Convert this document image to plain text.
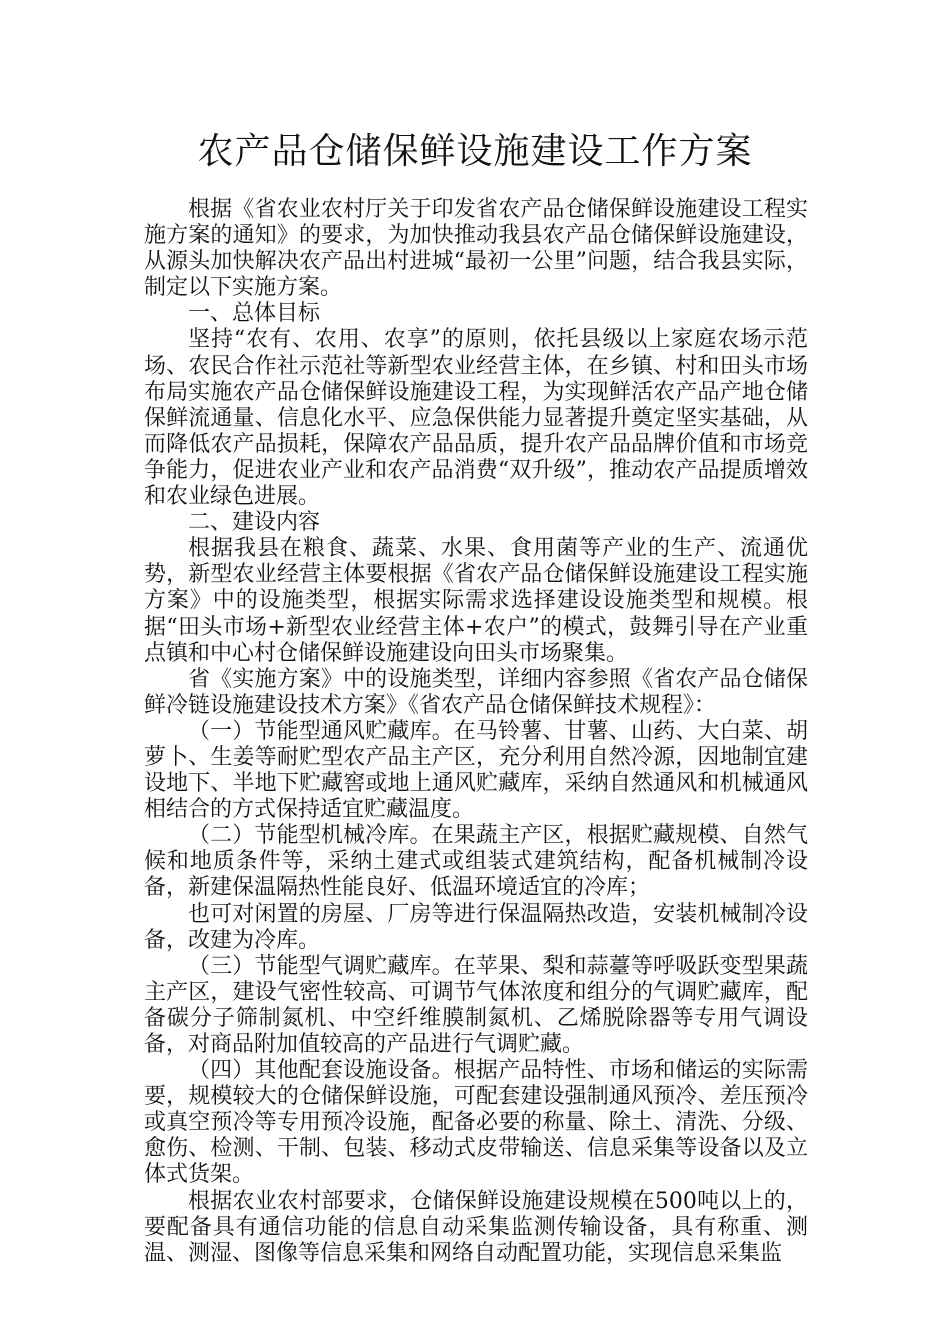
农产品仓储保鲜设施建设工作方案

根据《省农业农村厅关于印发省农产品仓储保鲜设施建设工程实施方案的通知》的要求，为加快推动我县农产品仓储保鲜设施建设，从源头加快解决农产品出村进城“最初一公里”问题，结合我县实际，制定以下实施方案。

一、总体目标

坚持“农有、农用、农享”的原则，依托县级以上家庭农场示范场、农民合作社示范社等新型农业经营主体，在乡镇、村和田头市场布局实施农产品仓储保鲜设施建设工程，为实现鲜活农产品产地仓储保鲜流通量、信息化水平、应急保供能力显著提升奠定坚实基础，从而降低农产品损耗，保障农产品品质，提升农产品品牌价值和市场竞争能力，促进农业产业和农产品消费“双升级”，推动农产品提质增效和农业绿色进展。

二、建设内容

根据我县在粮食、蔬菜、水果、食用菌等产业的生产、流通优势，新型农业经营主体要根据《省农产品仓储保鲜设施建设工程实施方案》中的设施类型，根据实际需求选择建设设施类型和规模。根据“田头市场+新型农业经营主体+农户”的模式，鼓舞引导在产业重点镇和中心村仓储保鲜设施建设向田头市场聚集。

省《实施方案》中的设施类型，详细内容参照《省农产品仓储保鲜冷链设施建设技术方案》《省农产品仓储保鲜技术规程》：

（一）节能型通风贮藏库。在马铃薯、甘薯、山药、大白菜、胡萝卜、生姜等耐贮型农产品主产区，充分利用自然冷源，因地制宜建设地下、半地下贮藏窖或地上通风贮藏库，采纳自然通风和机械通风相结合的方式保持适宜贮藏温度。

（二）节能型机械冷库。在果蔬主产区，根据贮藏规模、自然气候和地质条件等，采纳土建式或组装式建筑结构，配备机械制冷设备，新建保温隔热性能良好、低温环境适宜的冷库；

也可对闲置的房屋、厂房等进行保温隔热改造，安装机械制冷设备，改建为冷库。

（三）节能型气调贮藏库。在苹果、梨和蒜薹等呼吸跃变型果蔬主产区，建设气密性较高、可调节气体浓度和组分的气调贮藏库，配备碳分子筛制氮机、中空纤维膜制氮机、乙烯脱除器等专用气调设备，对商品附加值较高的产品进行气调贮藏。

（四）其他配套设施设备。根据产品特性、市场和储运的实际需要，规模较大的仓储保鲜设施，可配套建设强制通风预冷、差压预冷或真空预冷等专用预冷设施，配备必要的称量、除土、清洗、分级、愈伤、检测、干制、包装、移动式皮带输送、信息采集等设备以及立体式货架。

根据农业农村部要求，仓储保鲜设施建设规模在500吨以上的，要配备具有通信功能的信息自动采集监测传输设备，具有称重、测温、测湿、图像等信息采集和网络自动配置功能，实现信息采集监
